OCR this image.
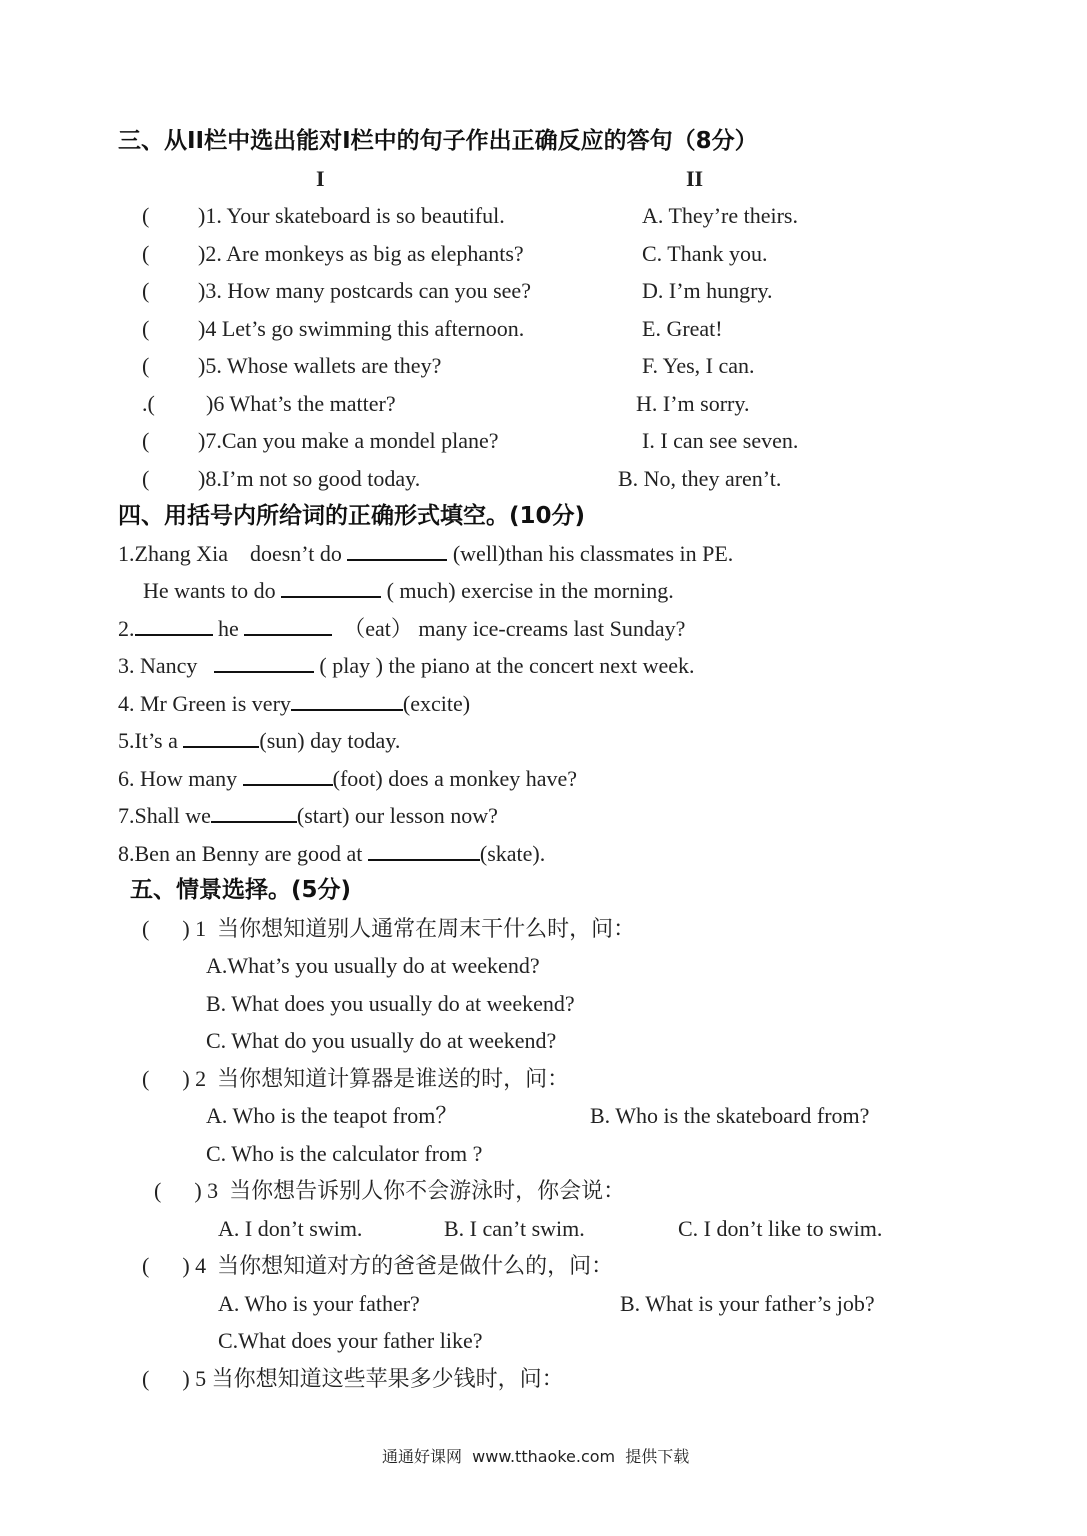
三、从II栏中选出能对I栏中的句子作出正确反应的答句（8分）
I	II
( )1. Your skateboard is so beautiful.	A. They’re theirs.
( )2. Are monkeys as big as elephants?	C. Thank you.
( )3. How many postcards can you see?	D. I’m hungry.
( )4 Let’s go swimming this afternoon.	E. Great!
( )5. Whose wallets are they?	F. Yes, I can.
.( )6 What’s the matter?	H. I’m sorry.
( )7.Can you make a mondel plane?	I. I can see seven.
( )8.I’m not so good today.	B. No, they aren’t.
四、用括号内所给词的正确形式填空。(10分)
1.Zhang Xia    doesn’t do	(well)than his classmates in PE.
He wants to do	( much) exercise in the morning.
2.	he	（eat） many ice-creams last Sunday?
3. Nancy	( play ) the piano at the concert next week.
4. Mr Green is very	(excite)
5.It’s a	(sun) day today.
6. How many	(foot) does a monkey have?
7.Shall we	(start) our lesson now?
8.Ben an Benny are good at	(skate).
五、情景选择。(5分)
(      ) 1  当你想知道别人通常在周末干什么时，问：
A.What’s you usually do at weekend?
B. What does you usually do at weekend?
C. What do you usually do at weekend?
(      ) 2  当你想知道计算器是谁送的时，问：
A. Who is the teapot from？	B. Who is the skateboard from?
C. Who is the calculator from ?
(      ) 3  当你想告诉别人你不会游泳时，你会说：
A. I don’t swim.	B. I can’t swim.	C. I don’t like to swim.
(      ) 4  当你想知道对方的爸爸是做什么的，问：
A. Who is your father?	B. What is your father’s job?
C.What does your father like?
(      ) 5 当你想知道这些苹果多少钱时，问：
通通好课网  www.tthaoke.com  提供下载
